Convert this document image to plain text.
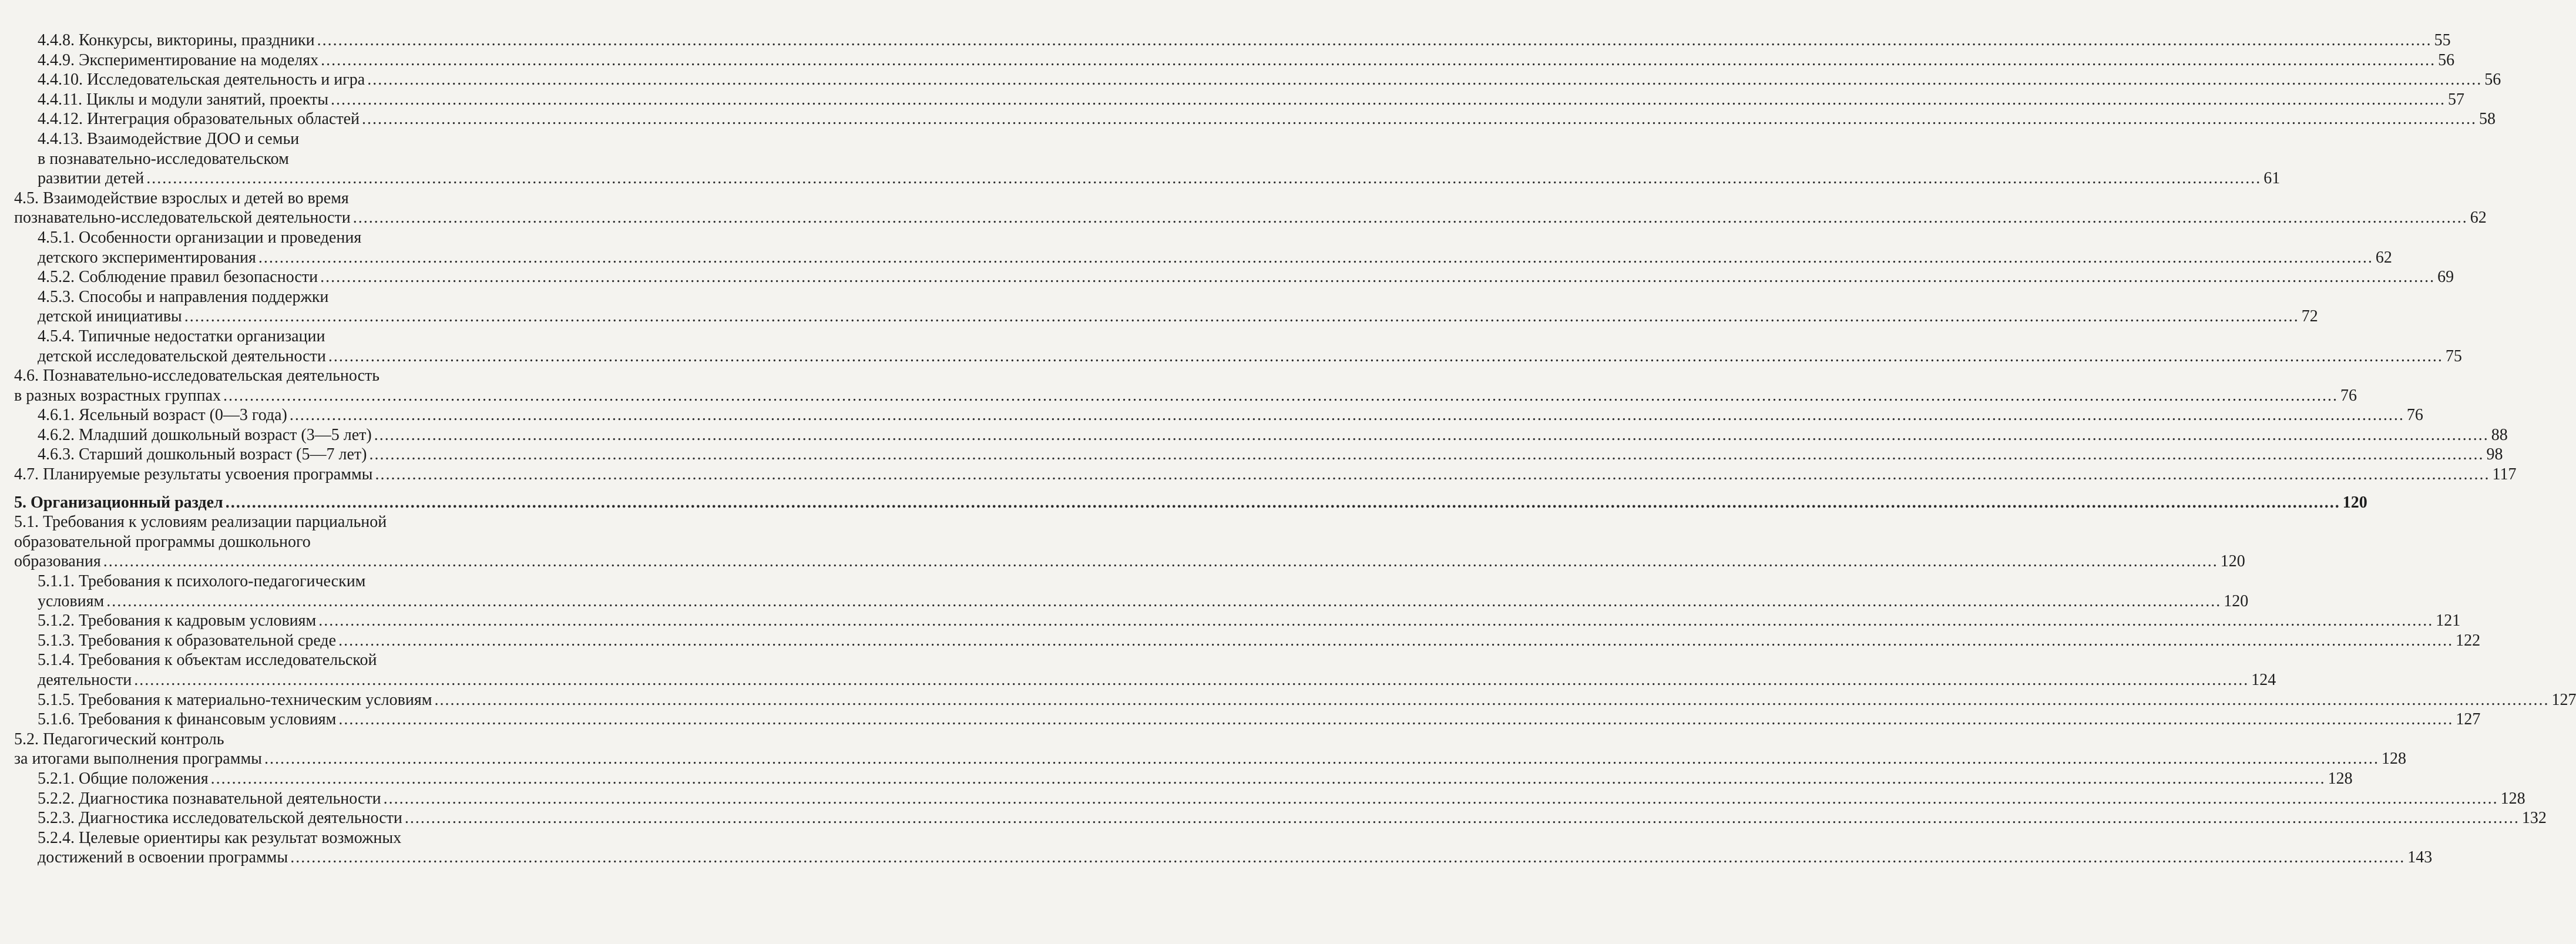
4.4.8. Конкурсы, викторины, праздники ................................................................................................................................................................................................................................................................................................................................................................................................................ 55
4.4.9. Экспериментирование на моделях ................................................................................................................................................................................................................................................................................................................................................................................................................ 56
4.4.10. Исследовательская деятельность и игра ................................................................................................................................................................................................................................................................................................................................................................................................................ 56
4.4.11. Циклы и модули занятий, проекты ................................................................................................................................................................................................................................................................................................................................................................................................................ 57
4.4.12. Интеграция образовательных областей ................................................................................................................................................................................................................................................................................................................................................................................................................ 58
4.4.13. Взаимодействие ДОО и семьи
в познавательно-исследовательском
развитии детей ................................................................................................................................................................................................................................................................................................................................................................................................................ 61
4.5. Взаимодействие взрослых и детей во время
познавательно-исследовательской деятельности ................................................................................................................................................................................................................................................................................................................................................................................................................ 62
4.5.1. Особенности организации и проведения
детского экспериментирования ................................................................................................................................................................................................................................................................................................................................................................................................................ 62
4.5.2. Соблюдение правил безопасности ................................................................................................................................................................................................................................................................................................................................................................................................................ 69
4.5.3. Способы и направления поддержки
детской инициативы ................................................................................................................................................................................................................................................................................................................................................................................................................ 72
4.5.4. Типичные недостатки организации
детской исследовательской деятельности ................................................................................................................................................................................................................................................................................................................................................................................................................ 75
4.6. Познавательно-исследовательская деятельность
в разных возрастных группах ................................................................................................................................................................................................................................................................................................................................................................................................................ 76
4.6.1. Ясельный возраст (0—3 года) ................................................................................................................................................................................................................................................................................................................................................................................................................ 76
4.6.2. Младший дошкольный возраст (3—5 лет) ................................................................................................................................................................................................................................................................................................................................................................................................................ 88
4.6.3. Старший дошкольный возраст (5—7 лет) ................................................................................................................................................................................................................................................................................................................................................................................................................ 98
4.7. Планируемые результаты усвоения программы ................................................................................................................................................................................................................................................................................................................................................................................................................ 117
5. Организационный раздел ................................................................................................................................................................................................................................................................................................................................................................................................................ 120
5.1. Требования к условиям реализации парциальной
образовательной программы дошкольного
образования ................................................................................................................................................................................................................................................................................................................................................................................................................ 120
5.1.1. Требования к психолого-педагогическим
условиям ................................................................................................................................................................................................................................................................................................................................................................................................................ 120
5.1.2. Требования к кадровым условиям ................................................................................................................................................................................................................................................................................................................................................................................................................ 121
5.1.3. Требования к образовательной среде ................................................................................................................................................................................................................................................................................................................................................................................................................ 122
5.1.4. Требования к объектам исследовательской
деятельности ................................................................................................................................................................................................................................................................................................................................................................................................................ 124
5.1.5. Требования к материально-техническим условиям ................................................................................................................................................................................................................................................................................................................................................................................................................ 127
5.1.6. Требования к финансовым условиям ................................................................................................................................................................................................................................................................................................................................................................................................................ 127
5.2. Педагогический контроль
за итогами выполнения программы ................................................................................................................................................................................................................................................................................................................................................................................................................ 128
5.2.1. Общие положения ................................................................................................................................................................................................................................................................................................................................................................................................................ 128
5.2.2. Диагностика познавательной деятельности ................................................................................................................................................................................................................................................................................................................................................................................................................ 128
5.2.3. Диагностика исследовательской деятельности ................................................................................................................................................................................................................................................................................................................................................................................................................ 132
5.2.4. Целевые ориентиры как результат возможных
достижений в освоении программы ................................................................................................................................................................................................................................................................................................................................................................................................................ 143
